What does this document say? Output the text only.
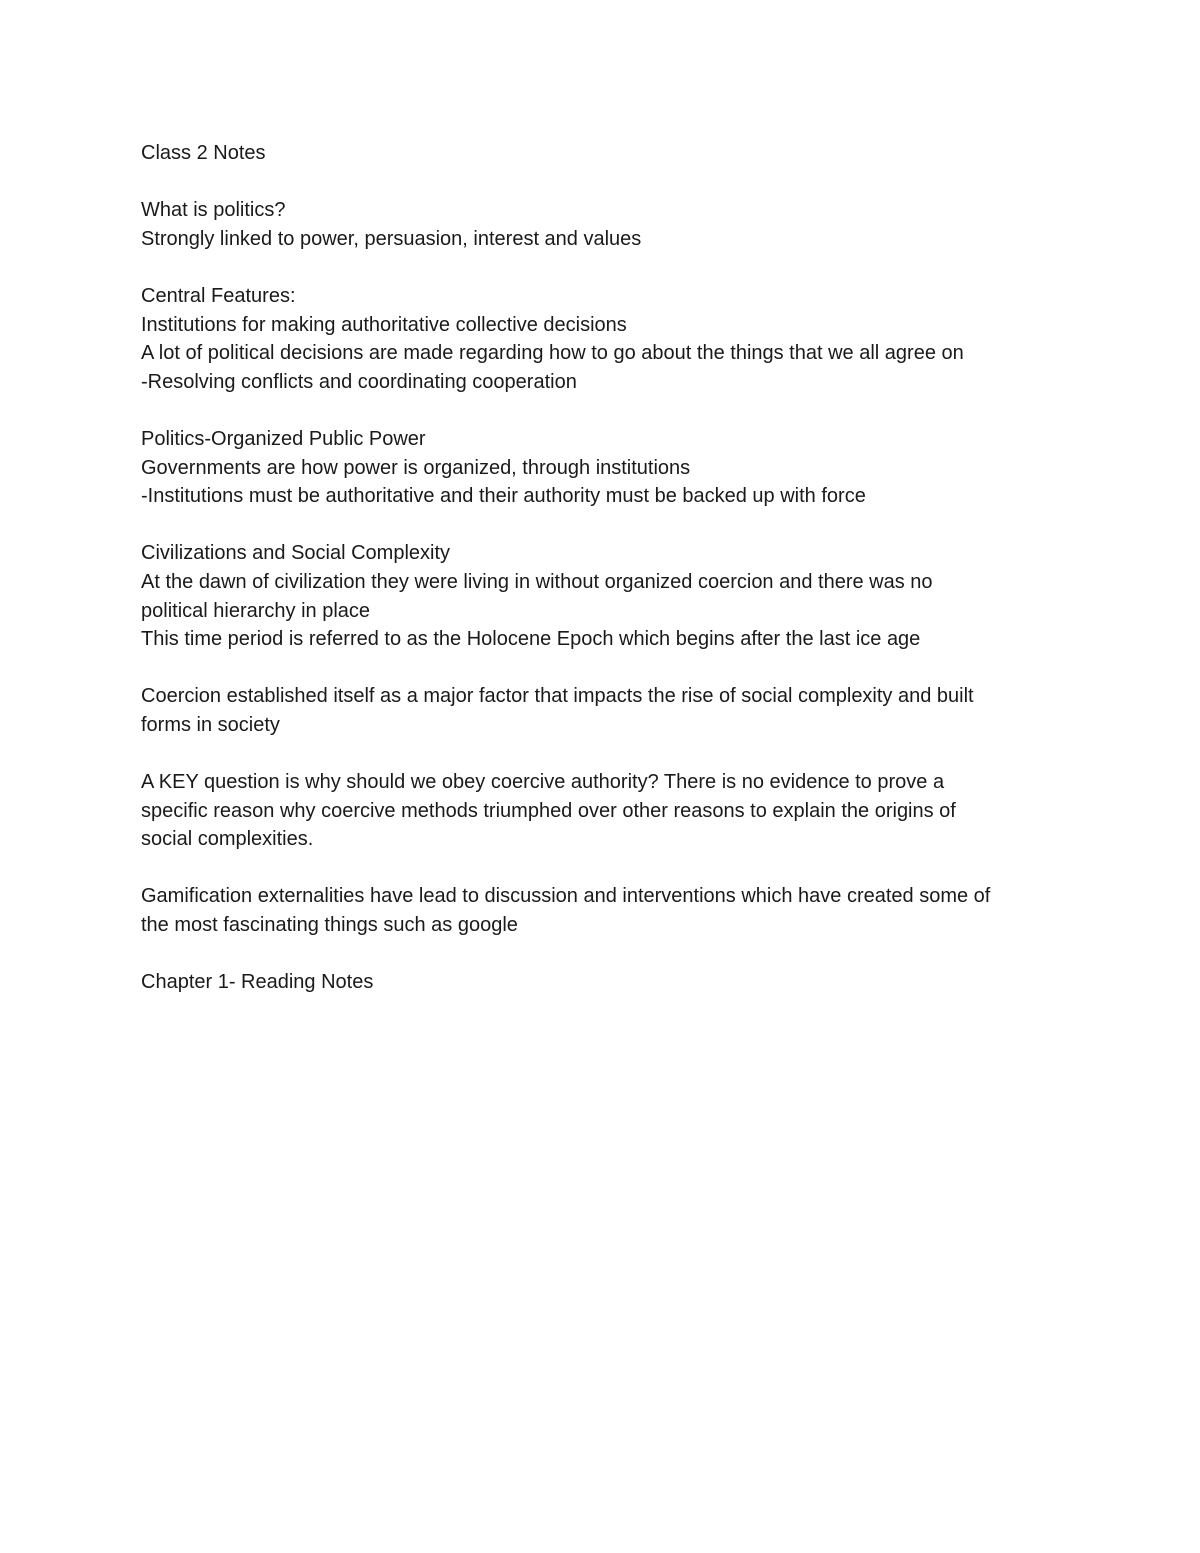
Class 2 Notes
What is politics?
Strongly linked to power, persuasion, interest and values
Central Features:
Institutions for making authoritative collective decisions
A lot of political decisions are made regarding how to go about the things that we all agree on
-Resolving conflicts and coordinating cooperation
Politics-Organized Public Power
Governments are how power is organized, through institutions
-Institutions must be authoritative and their authority must be backed up with force
Civilizations and Social Complexity
At the dawn of civilization they were living in without organized coercion and there was no
political hierarchy in place
This time period is referred to as the Holocene Epoch which begins after the last ice age
Coercion established itself as a major factor that impacts the rise of social complexity and built
forms in society
A KEY question is why should we obey coercive authority? There is no evidence to prove a
specific reason why coercive methods triumphed over other reasons to explain the origins of
social complexities.
Gamification externalities have lead to discussion and interventions which have created some of
the most fascinating things such as google
Chapter 1- Reading Notes
